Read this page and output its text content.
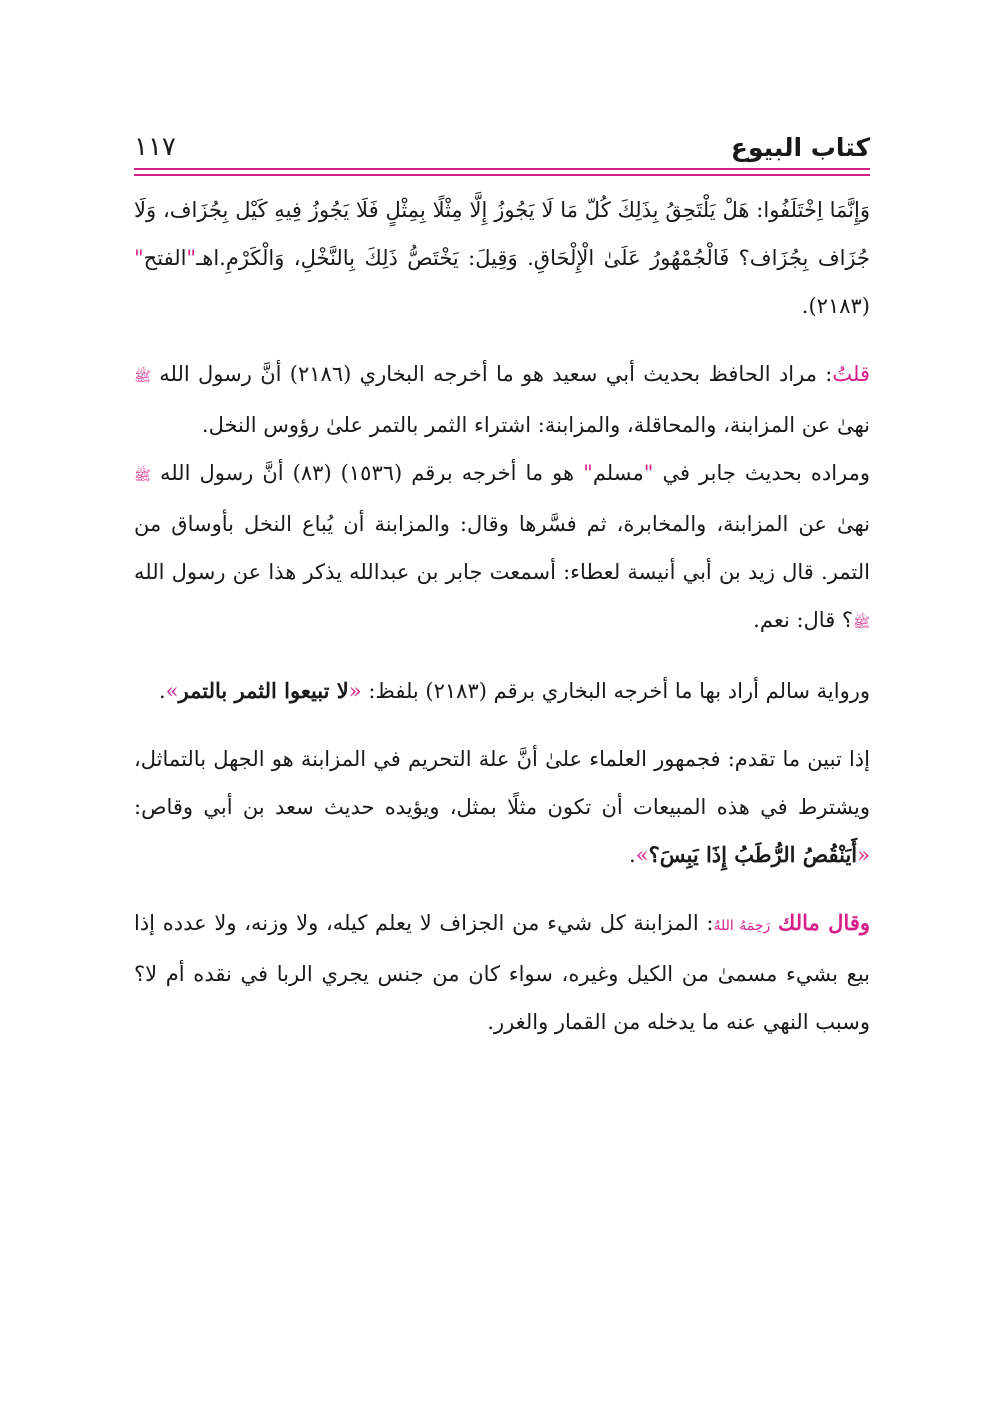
كتاب البيوع
١١٧

وَإِنَّمَا اِخْتَلَفُوا: هَلْ يَلْتَحِقُ بِذَلِكَ كُلّ مَا لَا يَجُوزُ إِلَّا مِثْلًا بِمِثْلٍ فَلَا يَجُوزُ فِيهِ كَيْل بِجُزَاف، وَلَا جُزَاف بِجُزَاف؟ فَالْجُمْهُورُ عَلَىٰ الْإِلْحَاقِ. وَقِيلَ: يَخْتَصُّ ذَلِكَ بِالنَّخْلِ، وَالْكَرْمِ.اهـ"الفتح" (٢١٨٣).

قلتُ: مراد الحافظ بحديث أبي سعيد هو ما أخرجه البخاري (٢١٨٦) أنَّ رسول الله ﷺ نهىٰ عن المزابنة، والمحاقلة، والمزابنة: اشتراء الثمر بالتمر علىٰ رؤوس النخل.

ومراده بحديث جابر في "مسلم" هو ما أخرجه برقم (١٥٣٦) (٨٣) أنَّ رسول الله ﷺ نهىٰ عن المزابنة، والمخابرة، ثم فسَّرها وقال: والمزابنة أن يُباع النخل بأوساق من التمر. قال زيد بن أبي أنيسة لعطاء: أسمعت جابر بن عبدالله يذكر هذا عن رسول الله ﷺ؟ قال: نعم.

ورواية سالم أراد بها ما أخرجه البخاري برقم (٢١٨٣) بلفظ: «لا تبيعوا الثمر بالتمر».

إذا تبين ما تقدم: فجمهور العلماء علىٰ أنَّ علة التحريم في المزابنة هو الجهل بالتماثل، ويشترط في هذه المبيعات أن تكون مثلًا بمثل، ويؤيده حديث سعد بن أبي وقاص: «أَيَنْقُصُ الرُّطَبُ إِذَا يَبِسَ؟».

وقال مالك رَحِمَهُ اللهُ: المزابنة كل شيء من الجزاف لا يعلم كيله، ولا وزنه، ولا عدده إذا بيع بشيء مسمىٰ من الكيل وغيره، سواء كان من جنس يجري الربا في نقده أم لا؟ وسبب النهي عنه ما يدخله من القمار والغرر.
